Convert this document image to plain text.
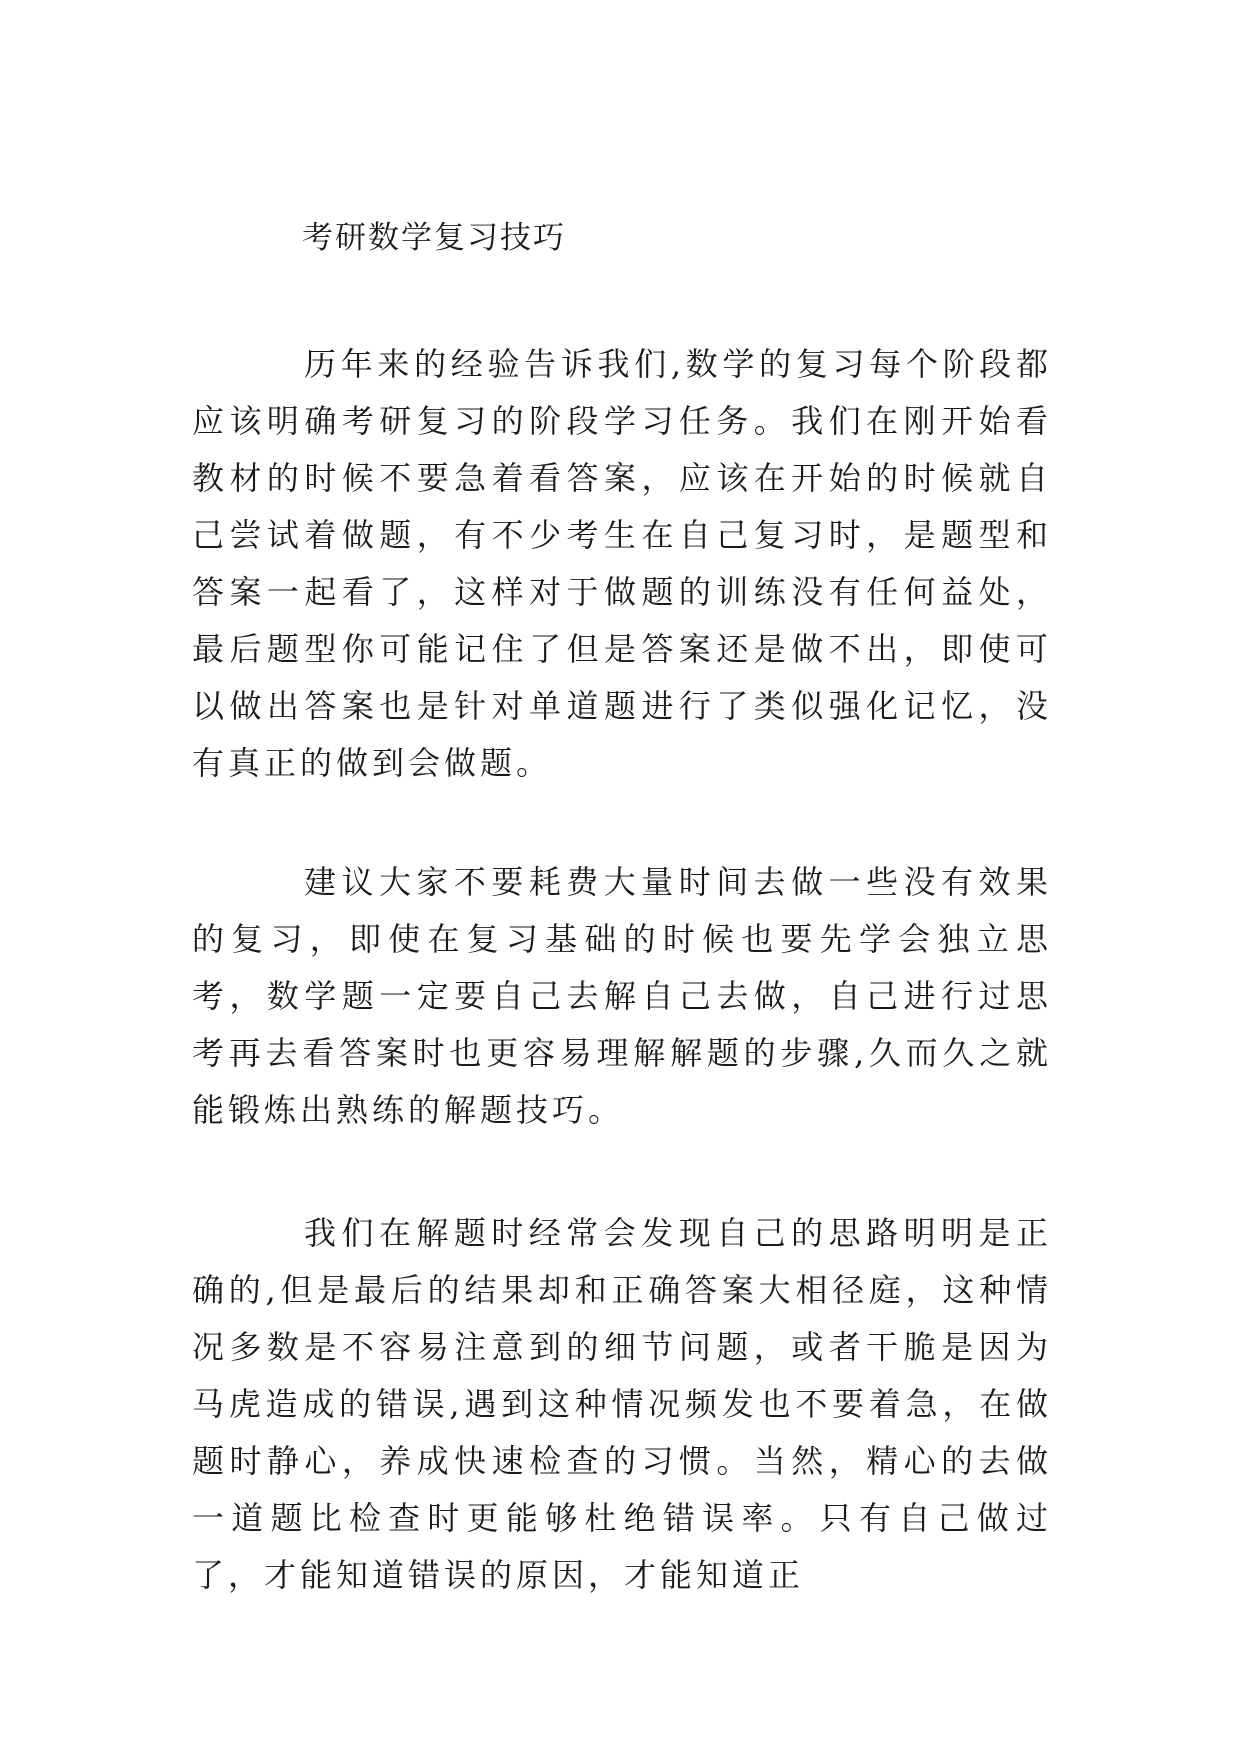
考研数学复习技巧

历年来的经验告诉我们,数学的复习每个阶段都应该明确考研复习的阶段学习任务。我们在刚开始看教材的时候不要急着看答案，应该在开始的时候就自己尝试着做题，有不少考生在自己复习时，是题型和答案一起看了，这样对于做题的训练没有任何益处，最后题型你可能记住了但是答案还是做不出，即使可以做出答案也是针对单道题进行了类似强化记忆，没有真正的做到会做题。

建议大家不要耗费大量时间去做一些没有效果的复习，即使在复习基础的时候也要先学会独立思考，数学题一定要自己去解自己去做，自己进行过思考再去看答案时也更容易理解解题的步骤,久而久之就能锻炼出熟练的解题技巧。

我们在解题时经常会发现自己的思路明明是正确的,但是最后的结果却和正确答案大相径庭，这种情况多数是不容易注意到的细节问题，或者干脆是因为马虎造成的错误,遇到这种情况频发也不要着急，在做题时静心，养成快速检查的习惯。当然，精心的去做一道题比检查时更能够杜绝错误率。只有自己做过了，才能知道错误的原因，才能知道正
